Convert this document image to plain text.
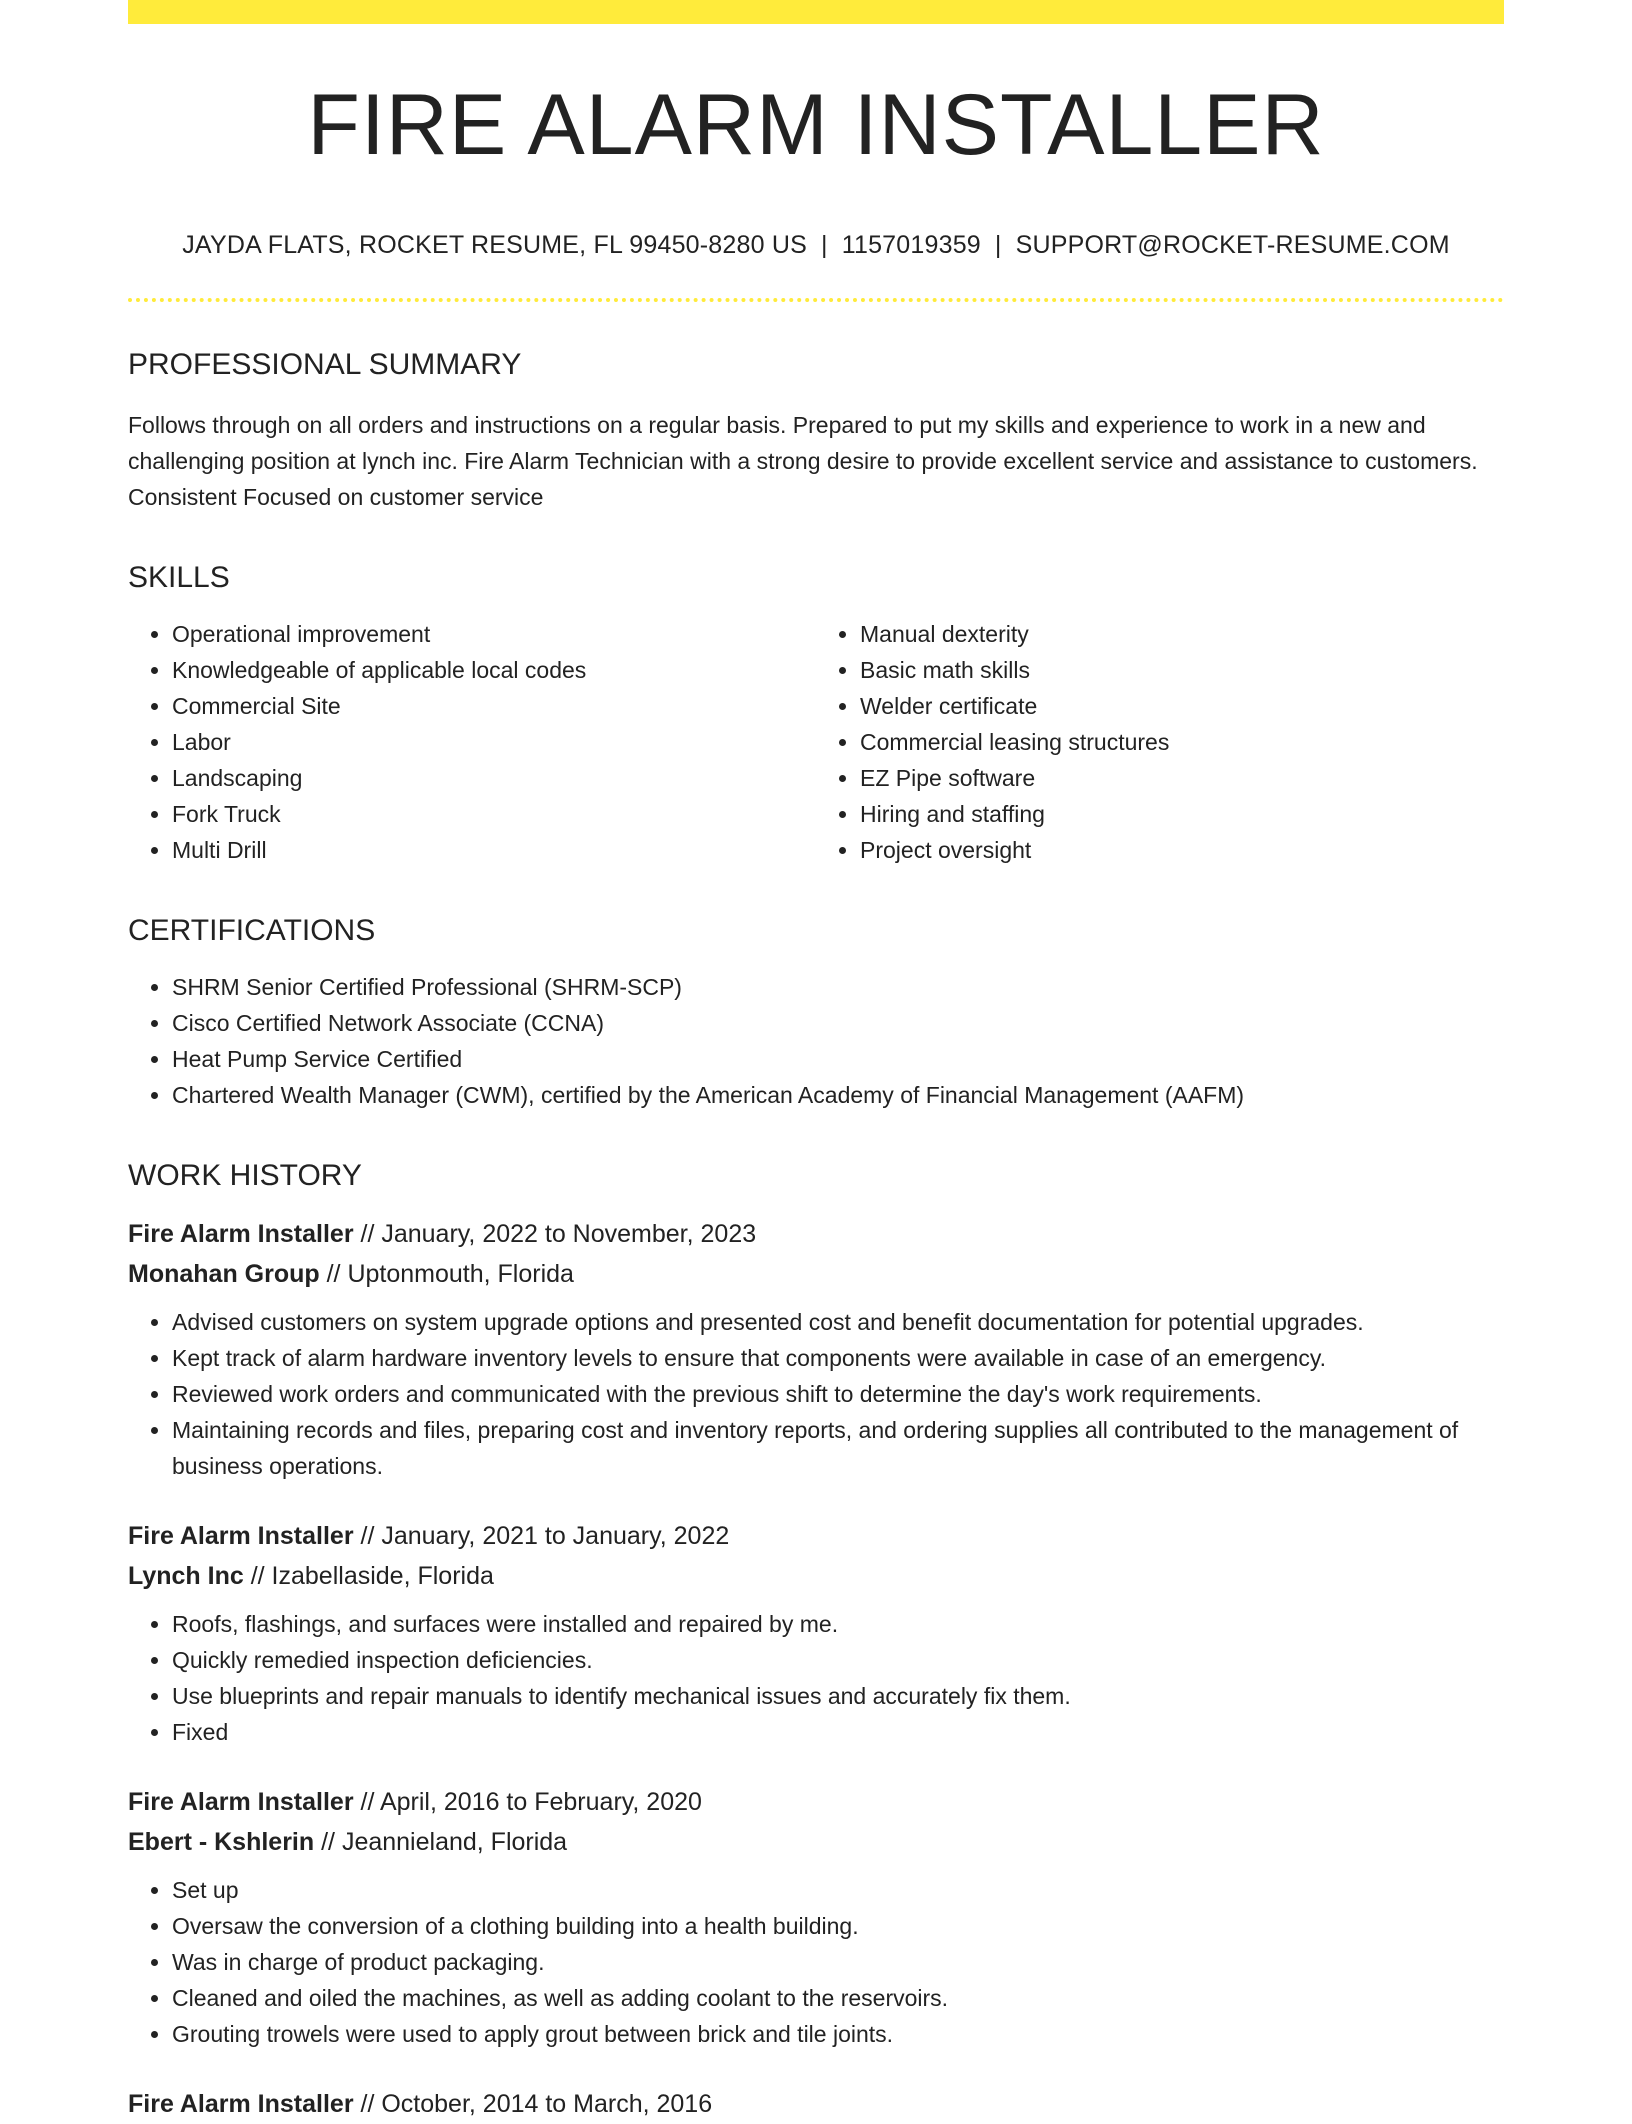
FIRE ALARM INSTALLER
JAYDA FLATS, ROCKET RESUME, FL 99450-8280 US | 1157019359 | SUPPORT@ROCKET-RESUME.COM
PROFESSIONAL SUMMARY
Follows through on all orders and instructions on a regular basis. Prepared to put my skills and experience to work in a new and challenging position at lynch inc. Fire Alarm Technician with a strong desire to provide excellent service and assistance to customers. Consistent Focused on customer service
SKILLS
• Operational improvement
• Knowledgeable of applicable local codes
• Commercial Site
• Labor
• Landscaping
• Fork Truck
• Multi Drill
• Manual dexterity
• Basic math skills
• Welder certificate
• Commercial leasing structures
• EZ Pipe software
• Hiring and staffing
• Project oversight
CERTIFICATIONS
• SHRM Senior Certified Professional (SHRM-SCP)
• Cisco Certified Network Associate (CCNA)
• Heat Pump Service Certified
• Chartered Wealth Manager (CWM), certified by the American Academy of Financial Management (AAFM)
WORK HISTORY
Fire Alarm Installer // January, 2022 to November, 2023
Monahan Group // Uptonmouth, Florida
• Advised customers on system upgrade options and presented cost and benefit documentation for potential upgrades.
• Kept track of alarm hardware inventory levels to ensure that components were available in case of an emergency.
• Reviewed work orders and communicated with the previous shift to determine the day's work requirements.
• Maintaining records and files, preparing cost and inventory reports, and ordering supplies all contributed to the management of business operations.
Fire Alarm Installer // January, 2021 to January, 2022
Lynch Inc // Izabellaside, Florida
• Roofs, flashings, and surfaces were installed and repaired by me.
• Quickly remedied inspection deficiencies.
• Use blueprints and repair manuals to identify mechanical issues and accurately fix them.
• Fixed
Fire Alarm Installer // April, 2016 to February, 2020
Ebert - Kshlerin // Jeannieland, Florida
• Set up
• Oversaw the conversion of a clothing building into a health building.
• Was in charge of product packaging.
• Cleaned and oiled the machines, as well as adding coolant to the reservoirs.
• Grouting trowels were used to apply grout between brick and tile joints.
Fire Alarm Installer // October, 2014 to March, 2016
